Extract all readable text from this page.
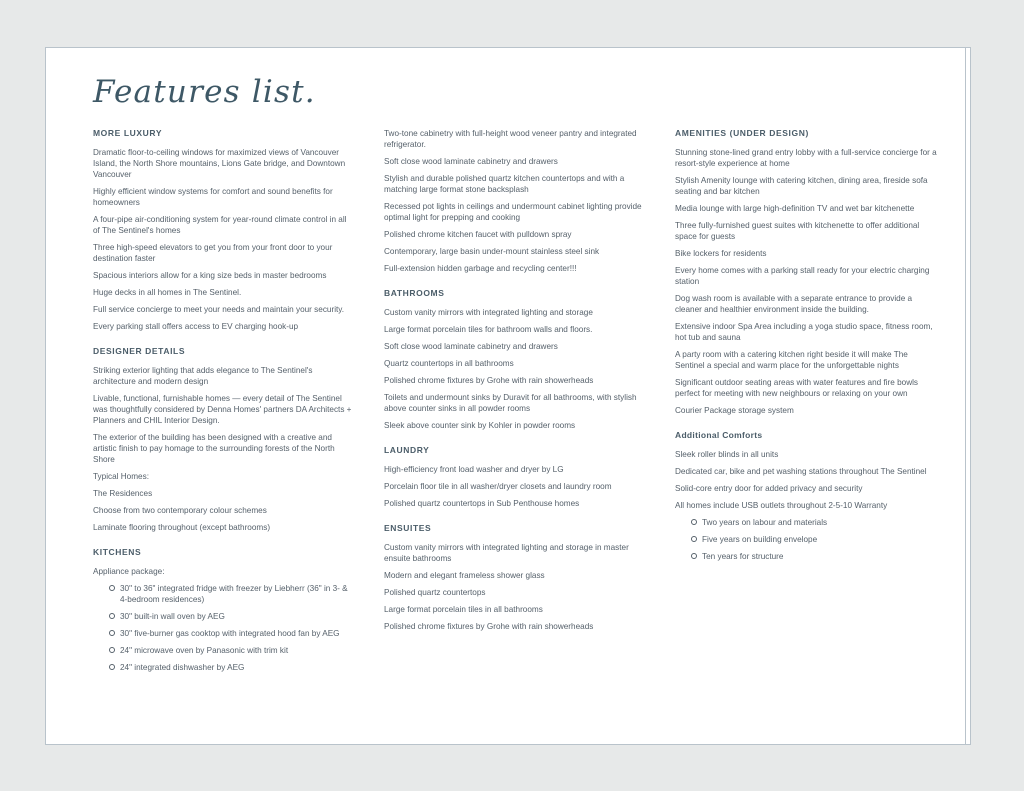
Features list.
MORE LUXURY
Dramatic floor-to-ceiling windows for maximized views of Vancouver Island, the North Shore mountains, Lions Gate bridge, and Downtown Vancouver
Highly efficient window systems for comfort and sound benefits for homeowners
A four-pipe air-conditioning system for year-round climate control in all of The Sentinel's homes
Three high-speed elevators to get you from your front door to your destination faster
Spacious interiors allow for a king size beds in master bedrooms
Huge decks in all homes in The Sentinel.
Full service concierge to meet your needs and maintain your security.
Every parking stall offers access to EV charging hook-up
DESIGNER DETAILS
Striking exterior lighting that adds elegance to The Sentinel's architecture and modern design
Livable, functional, furnishable homes — every detail of The Sentinel was thoughtfully considered by Denna Homes' partners DA Architects + Planners and CHIL Interior Design.
The exterior of the building has been designed with a creative and artistic finish to pay homage to the surrounding forests of the North Shore
Typical Homes:
The Residences
Choose from two contemporary colour schemes
Laminate flooring throughout (except bathrooms)
KITCHENS
Appliance package:
30" to 36" integrated fridge with freezer by Liebherr (36" in 3- & 4-bedroom residences)
30" built-in wall oven by AEG
30" five-burner gas cooktop with integrated hood fan by AEG
24" microwave oven by Panasonic with trim kit
24" integrated dishwasher by AEG
Two-tone cabinetry with full-height wood veneer pantry and integrated refrigerator.
Soft close wood laminate cabinetry and drawers
Stylish and durable polished quartz kitchen countertops and with a matching large format stone backsplash
Recessed pot lights in ceilings and undermount cabinet lighting provide optimal light for prepping and cooking
Polished chrome kitchen faucet with pulldown spray
Contemporary, large basin under-mount stainless steel sink
Full-extension hidden garbage and recycling center!!!
BATHROOMS
Custom vanity mirrors with integrated lighting and storage
Large format porcelain tiles for bathroom walls and floors.
Soft close wood laminate cabinetry and drawers
Quartz countertops in all bathrooms
Polished chrome fixtures by Grohe with rain showerheads
Toilets and undermount sinks by Duravit for all bathrooms, with stylish above counter sinks in all powder rooms
Sleek above counter sink by Kohler in powder rooms
LAUNDRY
High-efficiency front load washer and dryer by LG
Porcelain floor tile in all washer/dryer closets and laundry room
Polished quartz countertops in Sub Penthouse homes
ENSUITES
Custom vanity mirrors with integrated lighting and storage in master ensuite bathrooms
Modern and elegant frameless shower glass
Polished quartz countertops
Large format porcelain tiles in all bathrooms
Polished chrome fixtures by Grohe with rain showerheads
AMENITIES (UNDER DESIGN)
Stunning stone-lined grand entry lobby with a full-service concierge for a resort-style experience at home
Stylish Amenity lounge with catering kitchen, dining area, fireside sofa seating and bar kitchen
Media lounge with large high-definition TV and wet bar kitchenette
Three fully-furnished guest suites with kitchenette to offer additional space for guests
Bike lockers for residents
Every home comes with a parking stall ready for your electric charging station
Dog wash room is available with a separate entrance to provide a cleaner and healthier environment inside the building.
Extensive indoor Spa Area including a yoga studio space, fitness room, hot tub and sauna
A party room with a catering kitchen right beside it will make The Sentinel a special and warm place for the unforgettable nights
Significant outdoor seating areas with water features and fire bowls perfect for meeting with new neighbours or relaxing on your own
Courier Package storage system
Additional Comforts
Sleek roller blinds in all units
Dedicated car, bike and pet washing stations throughout The Sentinel
Solid-core entry door for added privacy and security
All homes include USB outlets throughout 2-5-10 Warranty
Two years on labour and materials
Five years on building envelope
Ten years for structure
